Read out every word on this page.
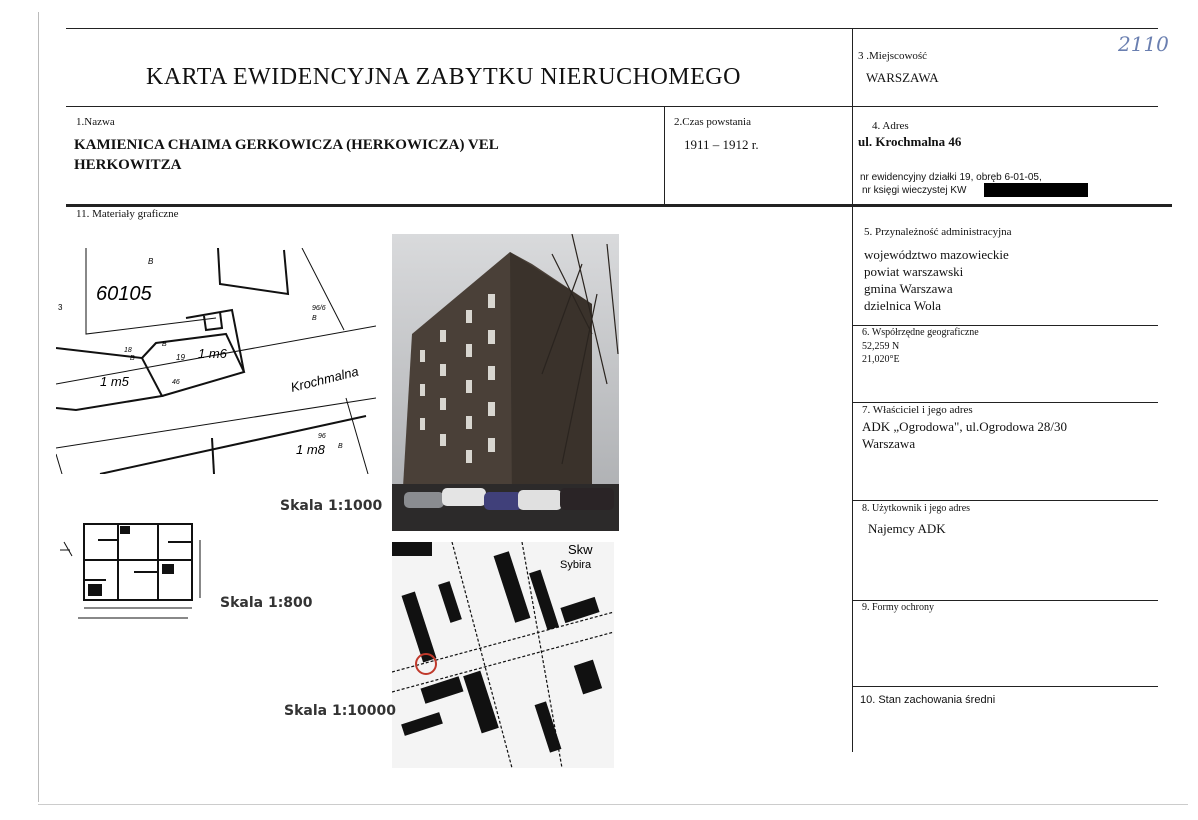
KARTA EWIDENCYJNA ZABYTKU NIERUCHOMEGO
3 .Miejscowość
WARSZAWA
2110
1.Nazwa
KAMIENICA CHAIMA GERKOWICZA (HERKOWICZA) VEL
HERKOWITZA
2.Czas powstania
1911 – 1912 r.
4. Adres
ul. Krochmalna 46
nr ewidencyjny działki 19, obręb 6-01-05,
nr księgi wieczystej KW
11. Materiały graficzne
B
60105
3	96/6
B
18
B
B
19 1 m6
1 m5	46	Krochmalna
96
1 m8 B
Skala 1:1000
Skala 1:800
Skw
Sybira
Skala 1:10000
5. Przynależność administracyjna
województwo mazowieckie
powiat warszawski
gmina Warszawa
dzielnica Wola
6. Współrzędne geograficzne
52,259 N
21,020°E
7. Właściciel i jego adres
ADK „Ogrodowa", ul.Ogrodowa 28/30
Warszawa
8. Użytkownik i jego adres
Najemcy ADK
9. Formy ochrony
10. Stan zachowania średni
